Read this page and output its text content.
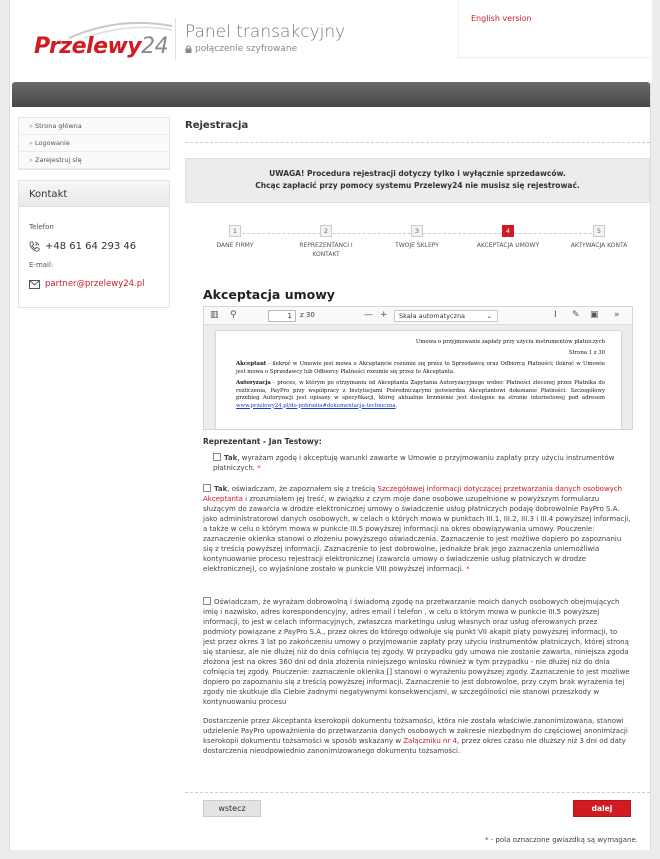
Przelewy24
Panel transakcyjny
połączenie szyfrowane
English version
» Strona główna
» Logowanie
» Zarejestruj się
Kontakt
Telefon
+48 61 64 293 46
E-mail:
partner@przelewy24.pl
Rejestracja
UWAGA! Procedura rejestracji dotyczy tylko i wyłącznie sprzedawców.
Chcąc zapłacić przy pomocy systemu Przelewy24 nie musisz się rejestrować.
1
DANE FIRMY
2
REPREZENTANCI I KONTAKT
3
TWOJE SKLEPY
4
AKCEPTACJA UMOWY
5
AKTYWACJA KONTA
Akceptacja umowy
▥ ⚲	1	z 30	— +	Skala automatyczna	⌄	I ✎ ▣ »
Umowa o przyjmowanie zapłaty przy użyciu instrumentów płatniczych
Strona 1 z 30

Akceptant - ilekroć w Umowie jest mowa o Akceptancie rozumie się przez to Sprzedawcę oraz Odbiorcę Płatności; ilekroć w Umowie jest mowa o Sprzedawcy lub Odbiorcy Płatności rozumie się przez to Akceptanta.

Autoryzacja - proces, w którym po otrzymaniu od Akceptanta Zapytania Autoryzacyjnego wobec Płatności zleconej przez Płatnika do rozliczenia, PayPro przy współpracy z Instytucjami Pośredniczącymi potwierdza Akceptantowi dokonanie Płatności. Szczegółowy przebieg Autoryzacji jest opisany w specyfikacji, której aktualnie brzmienie jest dostępne na stronie internetowej pod adresem www.przelewy24.pl/do-pobrania#dokumentacja-techniczna.

Reprezentant - Jan Testowy:
Tak, wyrażam zgodę i akceptuję warunki zawarte w Umowie o przyjmowaniu zapłaty przy użyciu instrumentów płatniczych. *
Tak, oświadczam, że zapoznałem się z treścią Szczegółowej informacji dotyczącej przetwarzania danych osobowych Akceptanta i zrozumiałem jej treść, w związku z czym moje dane osobowe uzupełnione w powyższym formularzu służącym do zawarcia w drodze elektronicznej umowy o świadczenie usług płatniczych podaję dobrowolnie PayPro S.A. jako administratorowi danych osobowych, w celach o których mowa w punktach III.1, III.2, III.3 i III.4 powyższej informacji, a także w celu o którym mowa w punkcie III.5 powyższej informacji na okres obowiązywania umowy. Pouczenie: zaznaczenie okienka stanowi o złożeniu powyższego oświadczenia. Zaznaczenie to jest możliwe dopiero po zapoznaniu się z treścią powyższej informacji. Zaznaczenie to jest dobrowolne, jednakże brak jego zaznaczenia uniemożliwia kontynuowanie procesu rejestracji elektronicznej (zawarcia umowy o świadczenie usług płatniczych w drodze elektronicznej), co wyjaśnione zostało w punkcie VIII powyższej informacji. *
Oświadczam, że wyrażam dobrowolną i świadomą zgodę na przetwarzanie moich danych osobowych obejmujących imię i nazwisko, adres korespondencyjny, adres email i telefon , w celu o którym mowa w punkcie III.5 powyższej informacji, to jest w celach informacyjnych, zwłaszcza marketingu usług własnych oraz usług oferowanych przez podmioty powiązane z PayPro S.A., przez okres do którego odwołuje się punkt VII akapit piąty powyższej informacji, to jest przez okres 3 lat po zakończeniu umowy o przyjmowanie zapłaty przy użyciu instrumentów płatniczych, której stroną się staniesz, ale nie dłużej niż do dnia cofnięcia tej zgody. W przypadku gdy umowa nie zostanie zawarta, niniejsza zgoda złożona jest na okres 360 dni od dnia złożenia niniejszego wniosku również w tym przypadku - nie dłużej niż do dnia cofnięcia tej zgody. Pouczenie: zaznaczenie okienka [] stanowi o wyrażeniu powyższej zgody. Zaznaczenie to jest możliwe dopiero po zapoznaniu się z treścią powyższej informacji. Zaznaczenie to jest dobrowolne, przy czym brak wyrażenia tej zgody nie skutkuje dla Ciebie żadnymi negatywnymi konsekwencjami, w szczególności nie stanowi przeszkody w kontynuowaniu procesu
Dostarczenie przez Akceptanta kserokopii dokumentu tożsamości, która nie została właściwie zanonimizowana, stanowi udzielenie PayPro upoważnienia do przetwarzania danych osobowych w zakresie niezbędnym do częściowej anonimizacji kserokopii dokumentu tożsamości w sposób wskazany w Załączniku nr 4, przez okres czasu nie dłuższy niż 3 dni od daty dostarczenia nieodpowiednio zanonimizowanego dokumentu tożsamości.
wstecz	dalej
* - pola oznaczone gwiazdką są wymagane.
